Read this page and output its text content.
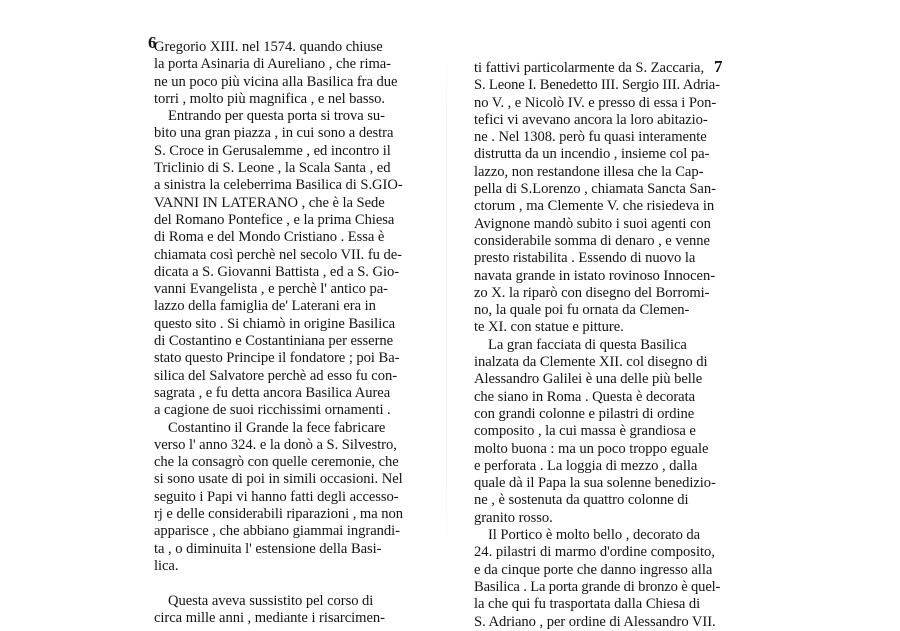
6
Gregorio XIII. nel 1574. quando chiuse
la porta Asinaria di Aureliano , che rima-
ne un poco più vicina alla Basilica fra due
torri , molto più magnifica , e nel basso.
Entrando per questa porta si trova su-
bito una gran piazza , in cui sono a destra
S. Croce in Gerusalemme , ed incontro il
Triclinio di S. Leone , la Scala Santa , ed
a sinistra la celeberrima Basilica di S.GIO-
VANNI IN LATERANO , che è la Sede
del Romano Pontefice , e la prima Chiesa
di Roma e del Mondo Cristiano . Essa è
chiamata così perchè nel secolo VII. fu de-
dicata a S. Giovanni Battista , ed a S. Gio-
vanni Evangelista , e perchè l' antico pa-
lazzo della famiglia de' Laterani era in
questo sito . Si chiamò in origine Basilica
di Costantino e Costantiniana per esserne
stato questo Principe il fondatore ; poi Ba-
silica del Salvatore perchè ad esso fu con-
sagrata , e fu detta ancora Basilica Aurea
a cagione de suoi ricchissimi ornamenti .
Costantino il Grande la fece fabricare
verso l' anno 324. e la donò a S. Silvestro,
che la consagrò con quelle ceremonie, che
si sono usate di poi in simili occasioni. Nel
seguito i Papi vi hanno fatti degli accesso-
rj e delle considerabili riparazioni , ma non
apparisce , che abbiano giammai ingrandi-
ta , o diminuita l' estensione della Basi-
lica.
Questa aveva sussistito pel corso di
circa mille anni , mediante i risarcimen-
7
ti fattivi particolarmente da S. Zaccaria,
S. Leone I. Benedetto III. Sergio III. Adria-
no V. , e Nicolò IV. e presso di essa i Pon-
tefici vi avevano ancora la loro abitazio-
ne . Nel 1308. però fu quasi interamente
distrutta da un incendio , insieme col pa-
lazzo, non restandone illesa che la Cap-
pella di S.Lorenzo , chiamata Sancta San-
ctorum , ma Clemente V. che risiedeva in
Avignone mandò subito i suoi agenti con
considerabile somma di denaro , e venne
presto ristabilita . Essendo di nuovo la
navata grande in istato rovinoso Innocen-
zo X. la riparò con disegno del Borromi-
no, la quale poi fu ornata da Clemen-
te XI. con statue e pitture.
La gran facciata di questa Basilica
inalzata da Clemente XII. col disegno di
Alessandro Galilei è una delle più belle
che siano in Roma . Questa è decorata
con grandi colonne e pilastri di ordine
composito , la cui massa è grandiosa e
molto buona : ma un poco troppo eguale
e perforata . La loggia di mezzo , dalla
quale dà il Papa la sua solenne benedizio-
ne , è sostenuta da quattro colonne di
granito rosso.
Il Portico è molto bello , decorato da
24. pilastri di marmo d'ordine composito,
e da cinque porte che danno ingresso alla
Basilica . La porta grande di bronzo è quel-
la che qui fu trasportata dalla Chiesa di
S. Adriano , per ordine di Alessandro VII.
